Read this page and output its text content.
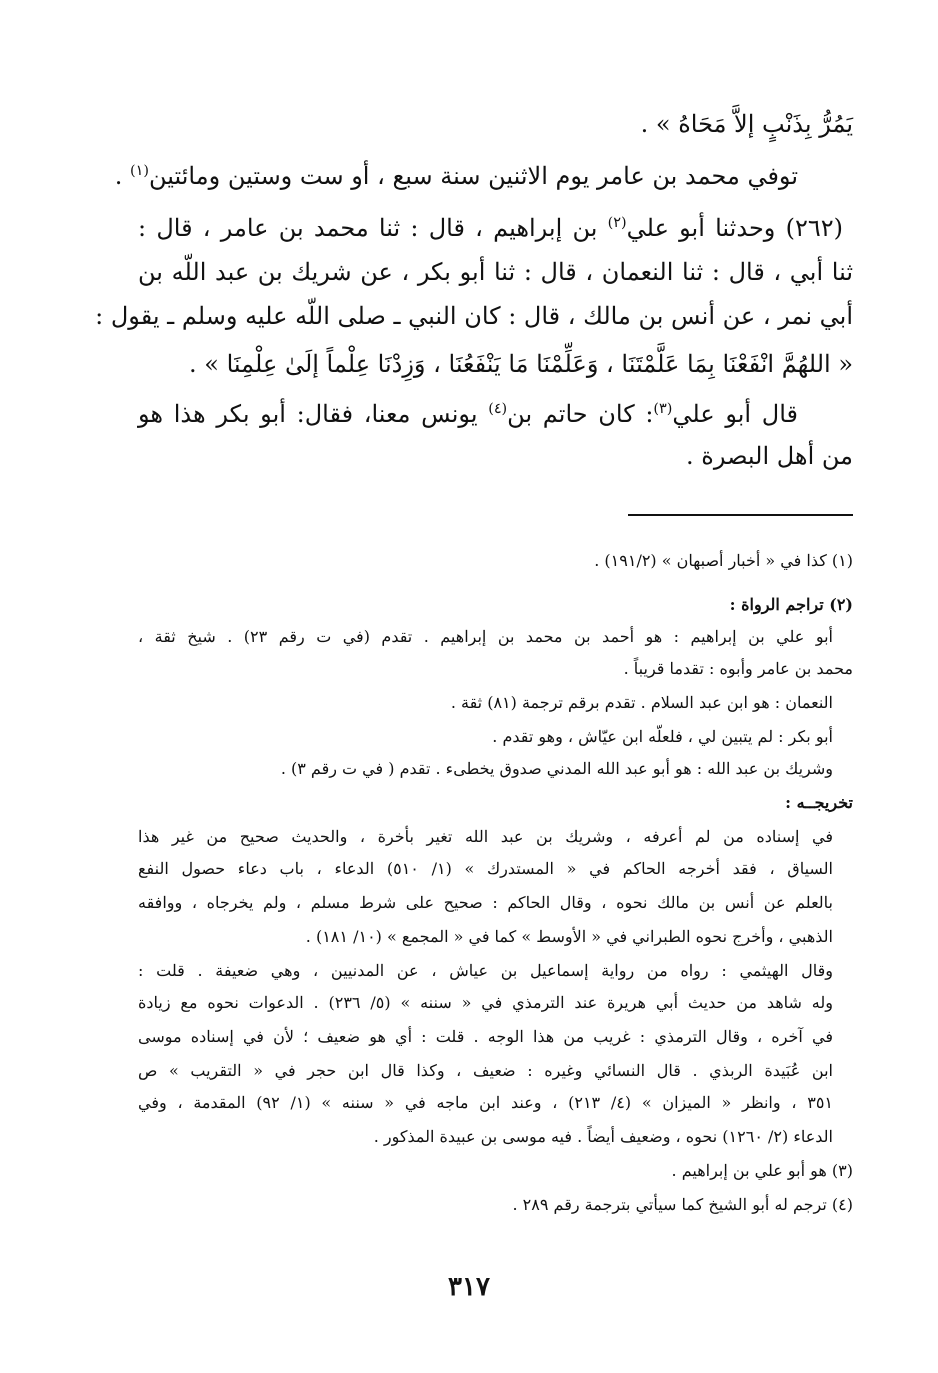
يَمُرُّ بِذَنْبٍ إلاَّ مَحَاهُ » .
توفي محمد بن عامر يوم الاثنين سنة سبع ، أو ست وستين ومائتين$^{(١)}$ .
(٢٦٢) وحدثنا أبو علي$^{(٢)}$ بن إبراهيم ، قال : ثنا محمد بن عامر ، قال :
ثنا أبي ، قال : ثنا النعمان ، قال : ثنا أبو بكر ، عن شريك بن عبد اللّه بن
أبي نمر ، عن أنس بن مالك ، قال : كان النبي ـ صلى اللّه عليه وسلم ـ يقول :
« اللهُمَّ انْفَعْنَا بِمَا عَلَّمْتَنَا ، وَعَلِّمْنَا مَا يَنْفَعُنَا ، وَزِدْنَا عِلْماً إلَىٰ عِلْمِنَا » .
قال أبو علي$^{(٣)}$: كان حاتم بن$^{(٤)}$ يونس معنا، فقال: أبو بكر هذا هو
من أهل البصرة .
(١) كذا في « أخبار أصبهان » (١٩١/٢) .
(٢) تراجم الرواة :
أبو علي بن إبراهيم : هو أحمد بن محمد بن إبراهيم . تقدم (في ت رقم ٢٣) . شيخ ثقة ،
محمد بن عامر وأبوه : تقدما قريباً .
النعمان : هو ابن عبد السلام . تقدم برقم ترجمة (٨١) ثقة .
أبو بكر : لم يتبين لي ، فلعلّه ابن عيّاش ، وهو تقدم .
وشريك بن عبد الله : هو أبو عبد الله المدني صدوق يخطىء . تقدم ( في ت رقم ٣) .
تخريجــه :
في إسناده من لم أعرفه ، وشريك بن عبد الله تغير بأخرة ، والحديث صحيح من غير هذا
السياق ، فقد أخرجه الحاكم في « المستدرك » (١/ ٥١٠) الدعاء ، باب دعاء حصول النفع
بالعلم عن أنس بن مالك نحوه ، وقال الحاكم : صحيح على شرط مسلم ، ولم يخرجاه ، ووافقه
الذهبي ، وأخرج نحوه الطبراني في « الأوسط » كما في « المجمع » (١٠/ ١٨١) .
وقال الهيثمي : رواه من رواية إسماعيل بن عياش ، عن المدنيين ، وهي ضعيفة . قلت :
وله شاهد من حديث أبي هريرة عند الترمذي في « سننه » (٥/ ٢٣٦) . الدعوات نحوه مع زيادة
في آخره ، وقال الترمذي : غريب من هذا الوجه . قلت : أي هو ضعيف ؛ لأن في إسناده موسى
ابن عُبَيدة الربذي . قال النسائي وغيره : ضعيف ، وكذا قال ابن حجر في « التقريب » ص
٣٥١ ، وانظر « الميزان » (٤/ ٢١٣) ، وعند ابن ماجه في « سننه » (١/ ٩٢) المقدمة ، وفي
الدعاء (٢/ ١٢٦٠) نحوه ، وضعيف أيضاً . فيه موسى بن عبيدة المذكور .
(٣) هو أبو علي بن إبراهيم .
(٤) ترجم له أبو الشيخ كما سيأتي بترجمة رقم ٢٨٩ .
٣١٧
